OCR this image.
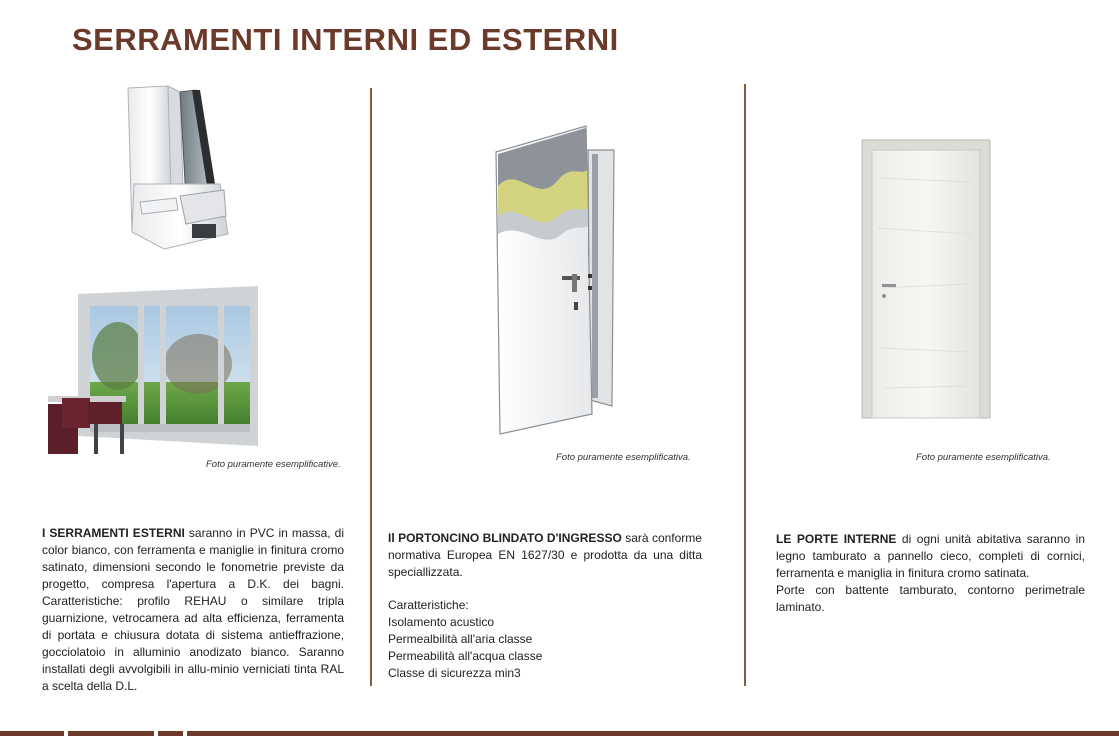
SERRAMENTI INTERNI ED ESTERNI
Foto puramente esemplificative.
Foto puramente esemplificativa.	Foto puramente esemplificativa.
I SERRAMENTI ESTERNI saranno in PVC in massa, di color bianco, con ferramenta e maniglie in finitura cromo satinato, dimensioni secondo le fonometrie previste da progetto, compresa l'apertura a D.K. dei bagni. Caratteristiche: profilo REHAU o similare tripla guarnizione, vetrocamera ad alta efficienza, ferramenta di portata e chiusura dotata di sistema antieffrazione, gocciolatoio in alluminio anodizato bianco. Saranno installati degli avvolgibili in allu-minio verniciati tinta RAL a scelta della D.L.
Il PORTONCINO BLINDATO D'INGRESSO sarà conforme normativa Europea EN 1627/30 e prodotta da una ditta speciallizzata.
Caratteristiche:
Isolamento acustico
Permealbilità all'aria classe
Permeabilità all'acqua classe
Classe di sicurezza min3
LE PORTE INTERNE di ogni unità abitativa saranno in legno tamburato a pannello cieco, completi di cornici, ferramenta e maniglia in finitura cromo satinata.
Porte con battente tamburato, contorno perimetrale laminato.
